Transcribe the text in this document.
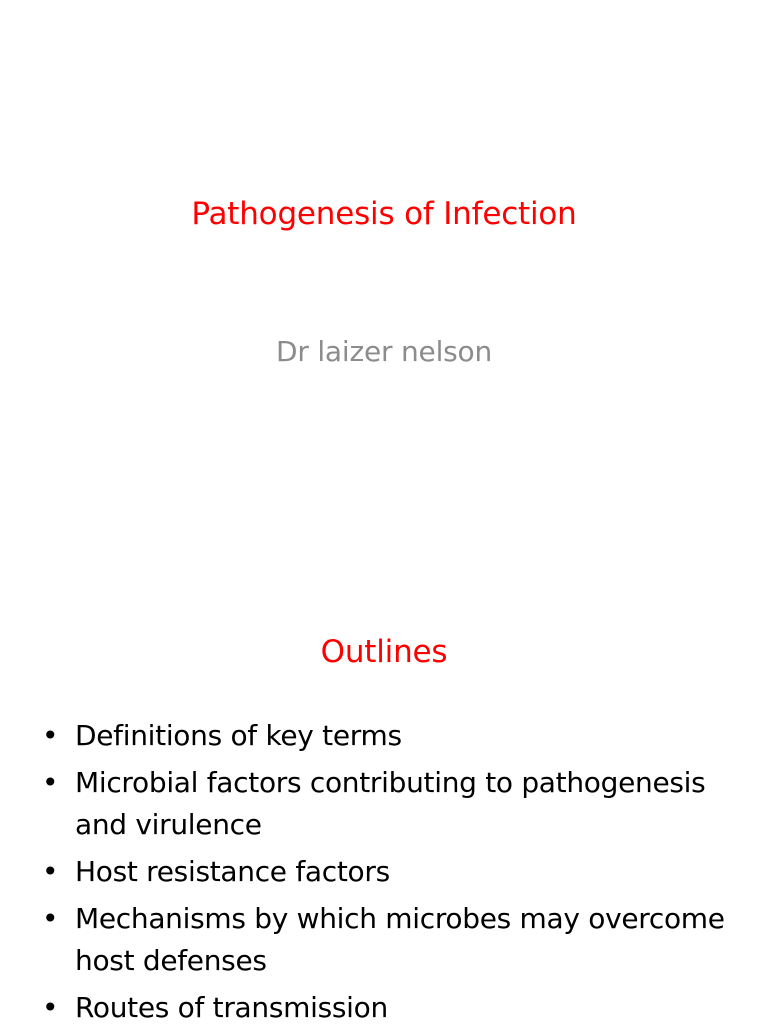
Pathogenesis of Infection
Dr laizer nelson
Outlines
• Definitions of key terms
• Microbial factors contributing to pathogenesis and virulence
• Host resistance factors
• Mechanisms by which microbes may overcome host defenses
• Routes of transmission
